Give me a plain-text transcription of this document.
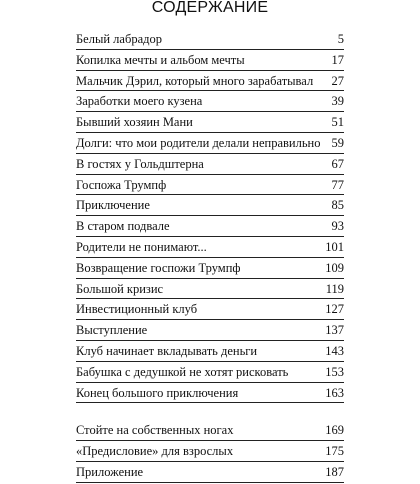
СОДЕРЖАНИЕ
Белый лабрадор	5
Копилка мечты и альбом мечты	17
Мальчик Дэрил, который много зарабатывал 27
Заработки моего кузена	39
Бывший хозяин Мани	51
Долги: что мои родители делали неправильно 59
В гостях у Гольдштерна	67
Госпожа Трумпф	77
Приключение	85
В старом подвале	93
Родители не понимают...	101
Возвращение госпожи Трумпф	109
Большой кризис	119
Инвестиционный клуб	127
Выступление	137
Клуб начинает вкладывать деньги	143
Бабушка с дедушкой не хотят рисковать	153
Конец большого приключения	163
Стойте на собственных ногах	169
«Предисловие» для взрослых	175
Приложение	187
